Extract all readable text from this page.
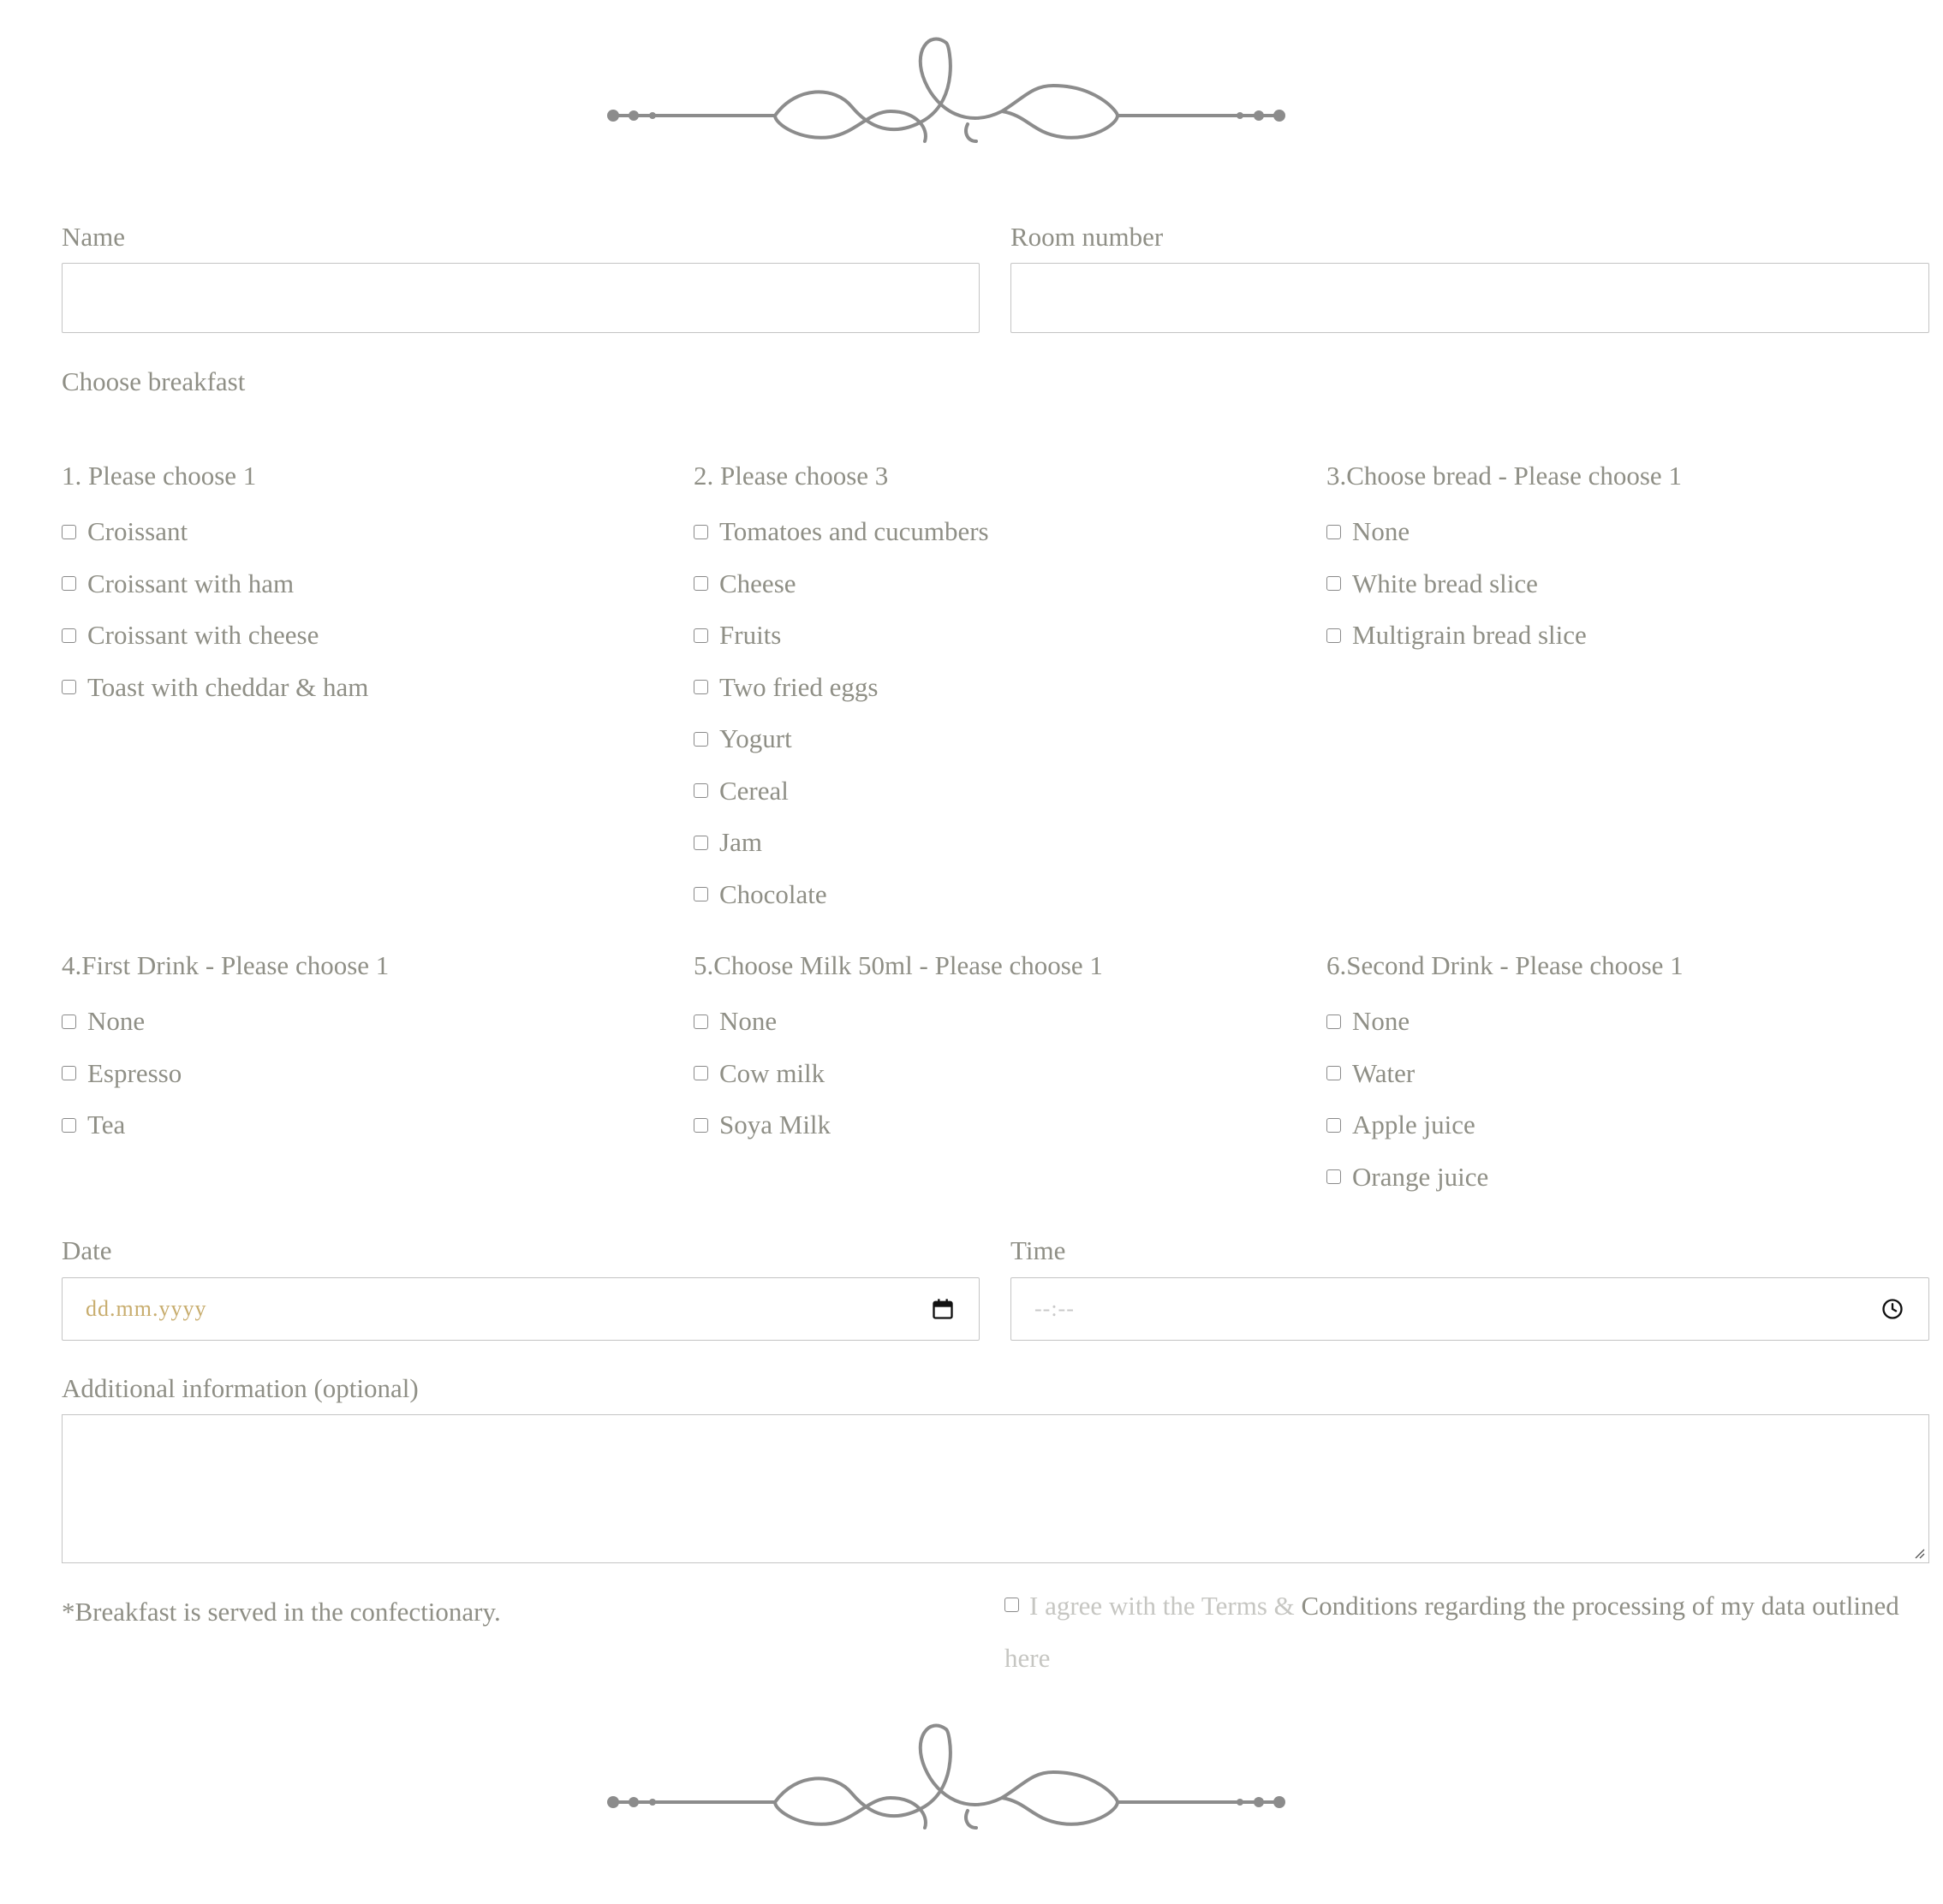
Name	Room number
Choose breakfast
1. Please choose 1
Croissant
Croissant with ham
Croissant with cheese
Toast with cheddar & ham
2. Please choose 3
Tomatoes and cucumbers
Cheese
Fruits
Two fried eggs
Yogurt
Cereal
Jam
Chocolate
3.Choose bread - Please choose 1
None
White bread slice
Multigrain bread slice
4.First Drink - Please choose 1
None
Espresso
Tea
5.Choose Milk 50ml - Please choose 1
None
Cow milk
Soya Milk
6.Second Drink - Please choose 1
None
Water
Apple juice
Orange juice
Date
dd.mm.yyyy
Time
--:--
Additional information (optional)
*Breakfast is served in the confectionary.	I agree with the Terms & Conditions regarding the processing of my data outlined here
